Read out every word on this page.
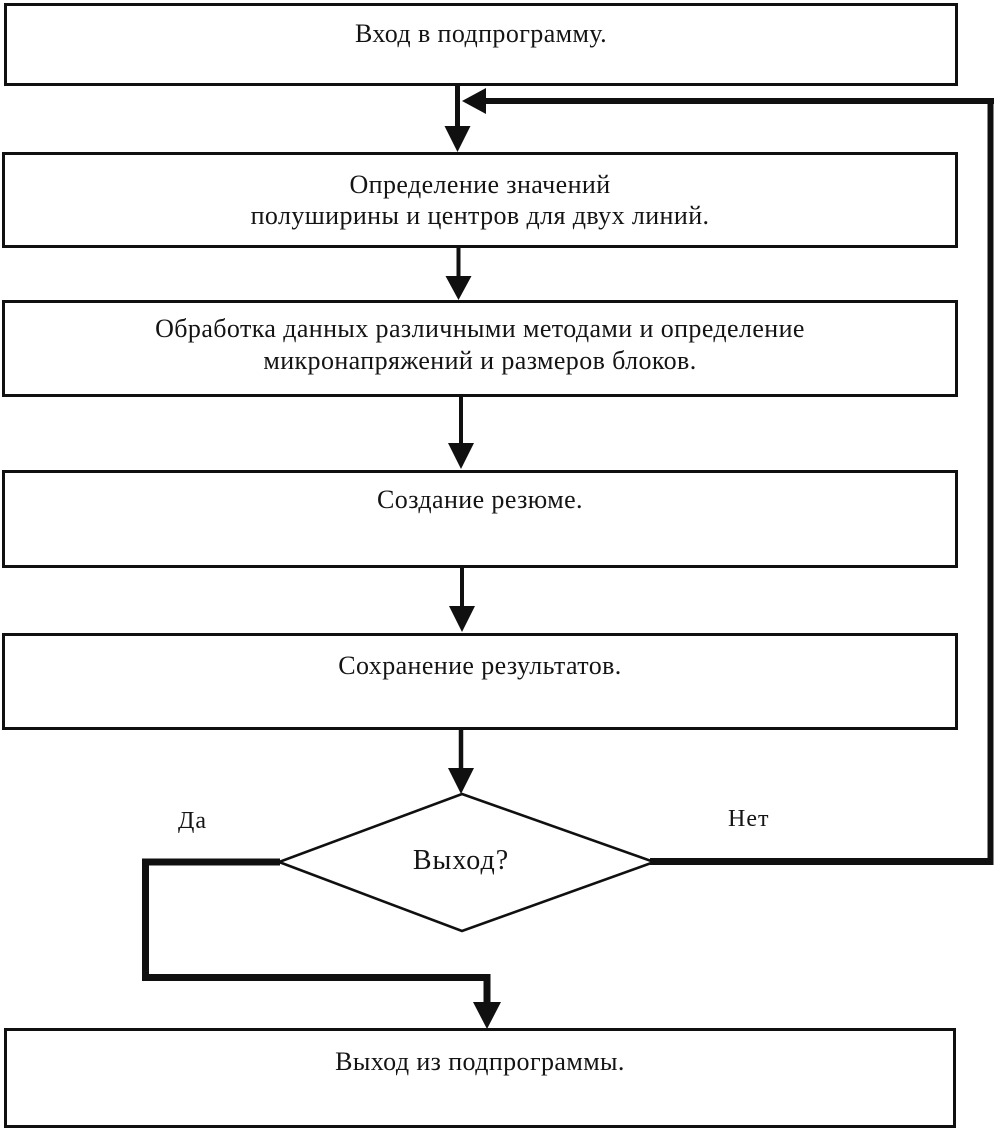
Вход в подпрограмму.
Определение значений
полуширины и центров для двух линий.
Обработка данных различными методами и определение
микронапряжений и размеров блоков.
Создание резюме.
Сохранение результатов.
Выход из подпрограммы.
Выход?
Да	Нет
